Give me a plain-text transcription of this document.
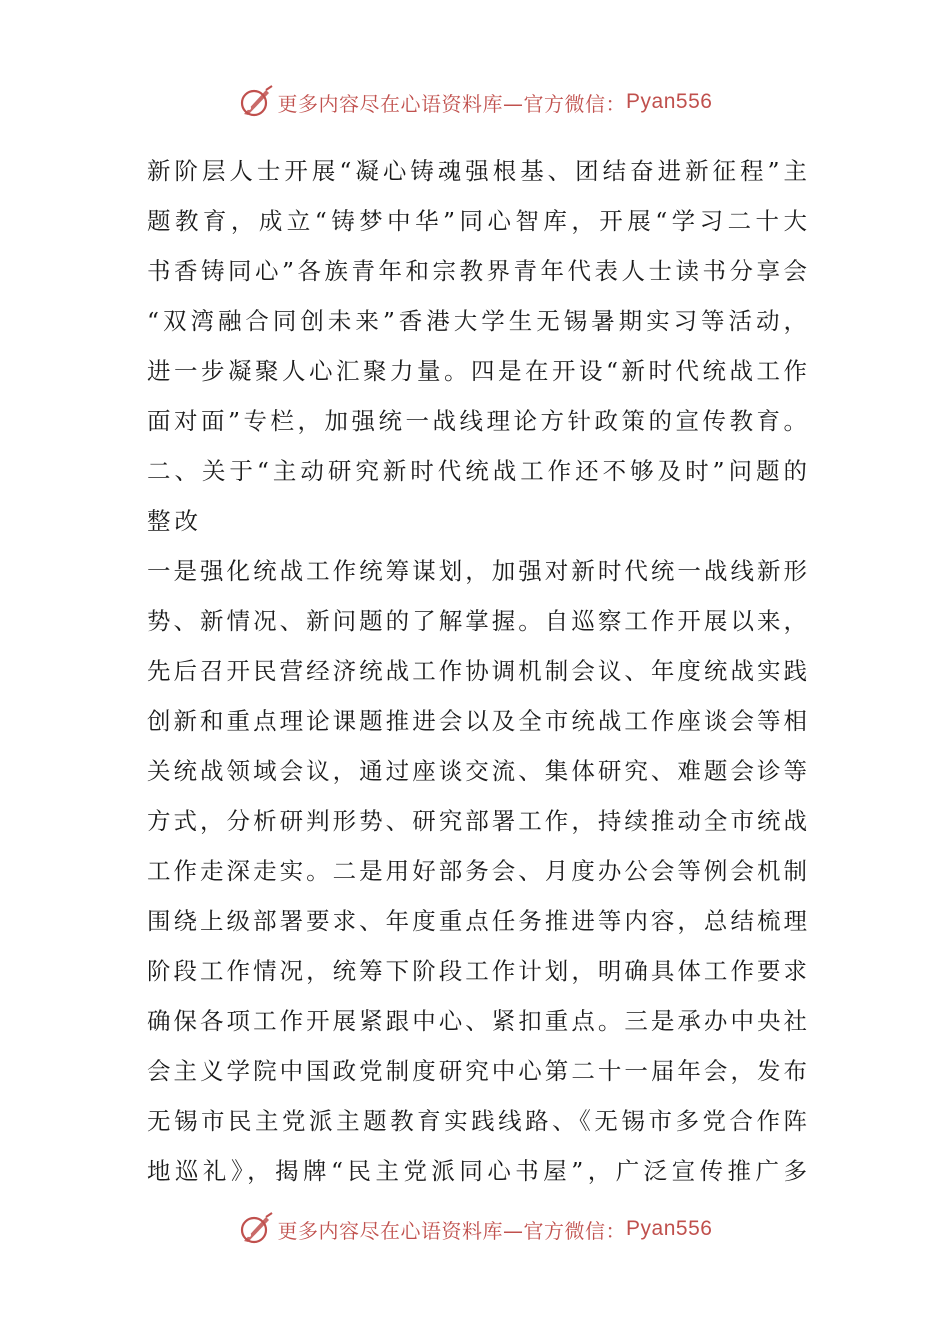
更多内容尽在心语资料库—官方微信： Pyan556
新阶层人士开展“凝心铸魂强根基、团结奋进新征程”主
题教育，成立“铸梦中华”同心智库，开展“学习二十大
书香铸同心”各族青年和宗教界青年代表人士读书分享会
“双湾融合同创未来”香港大学生无锡暑期实习等活动，
进一步凝聚人心汇聚力量。四是在开设“新时代统战工作
面对面”专栏，加强统一战线理论方针政策的宣传教育。
二、关于“主动研究新时代统战工作还不够及时”问题的
整改
一是强化统战工作统筹谋划，加强对新时代统一战线新形
势、新情况、新问题的了解掌握。自巡察工作开展以来，
先后召开民营经济统战工作协调机制会议、年度统战实践
创新和重点理论课题推进会以及全市统战工作座谈会等相
关统战领域会议，通过座谈交流、集体研究、难题会诊等
方式，分析研判形势、研究部署工作，持续推动全市统战
工作走深走实。二是用好部务会、月度办公会等例会机制
围绕上级部署要求、年度重点任务推进等内容，总结梳理
阶段工作情况，统筹下阶段工作计划，明确具体工作要求
确保各项工作开展紧跟中心、紧扣重点。三是承办中央社
会主义学院中国政党制度研究中心第二十一届年会，发布
无锡市民主党派主题教育实践线路、《无锡市多党合作阵
地巡礼》，揭牌“民主党派同心书屋”，广泛宣传推广多
更多内容尽在心语资料库—官方微信： Pyan556
